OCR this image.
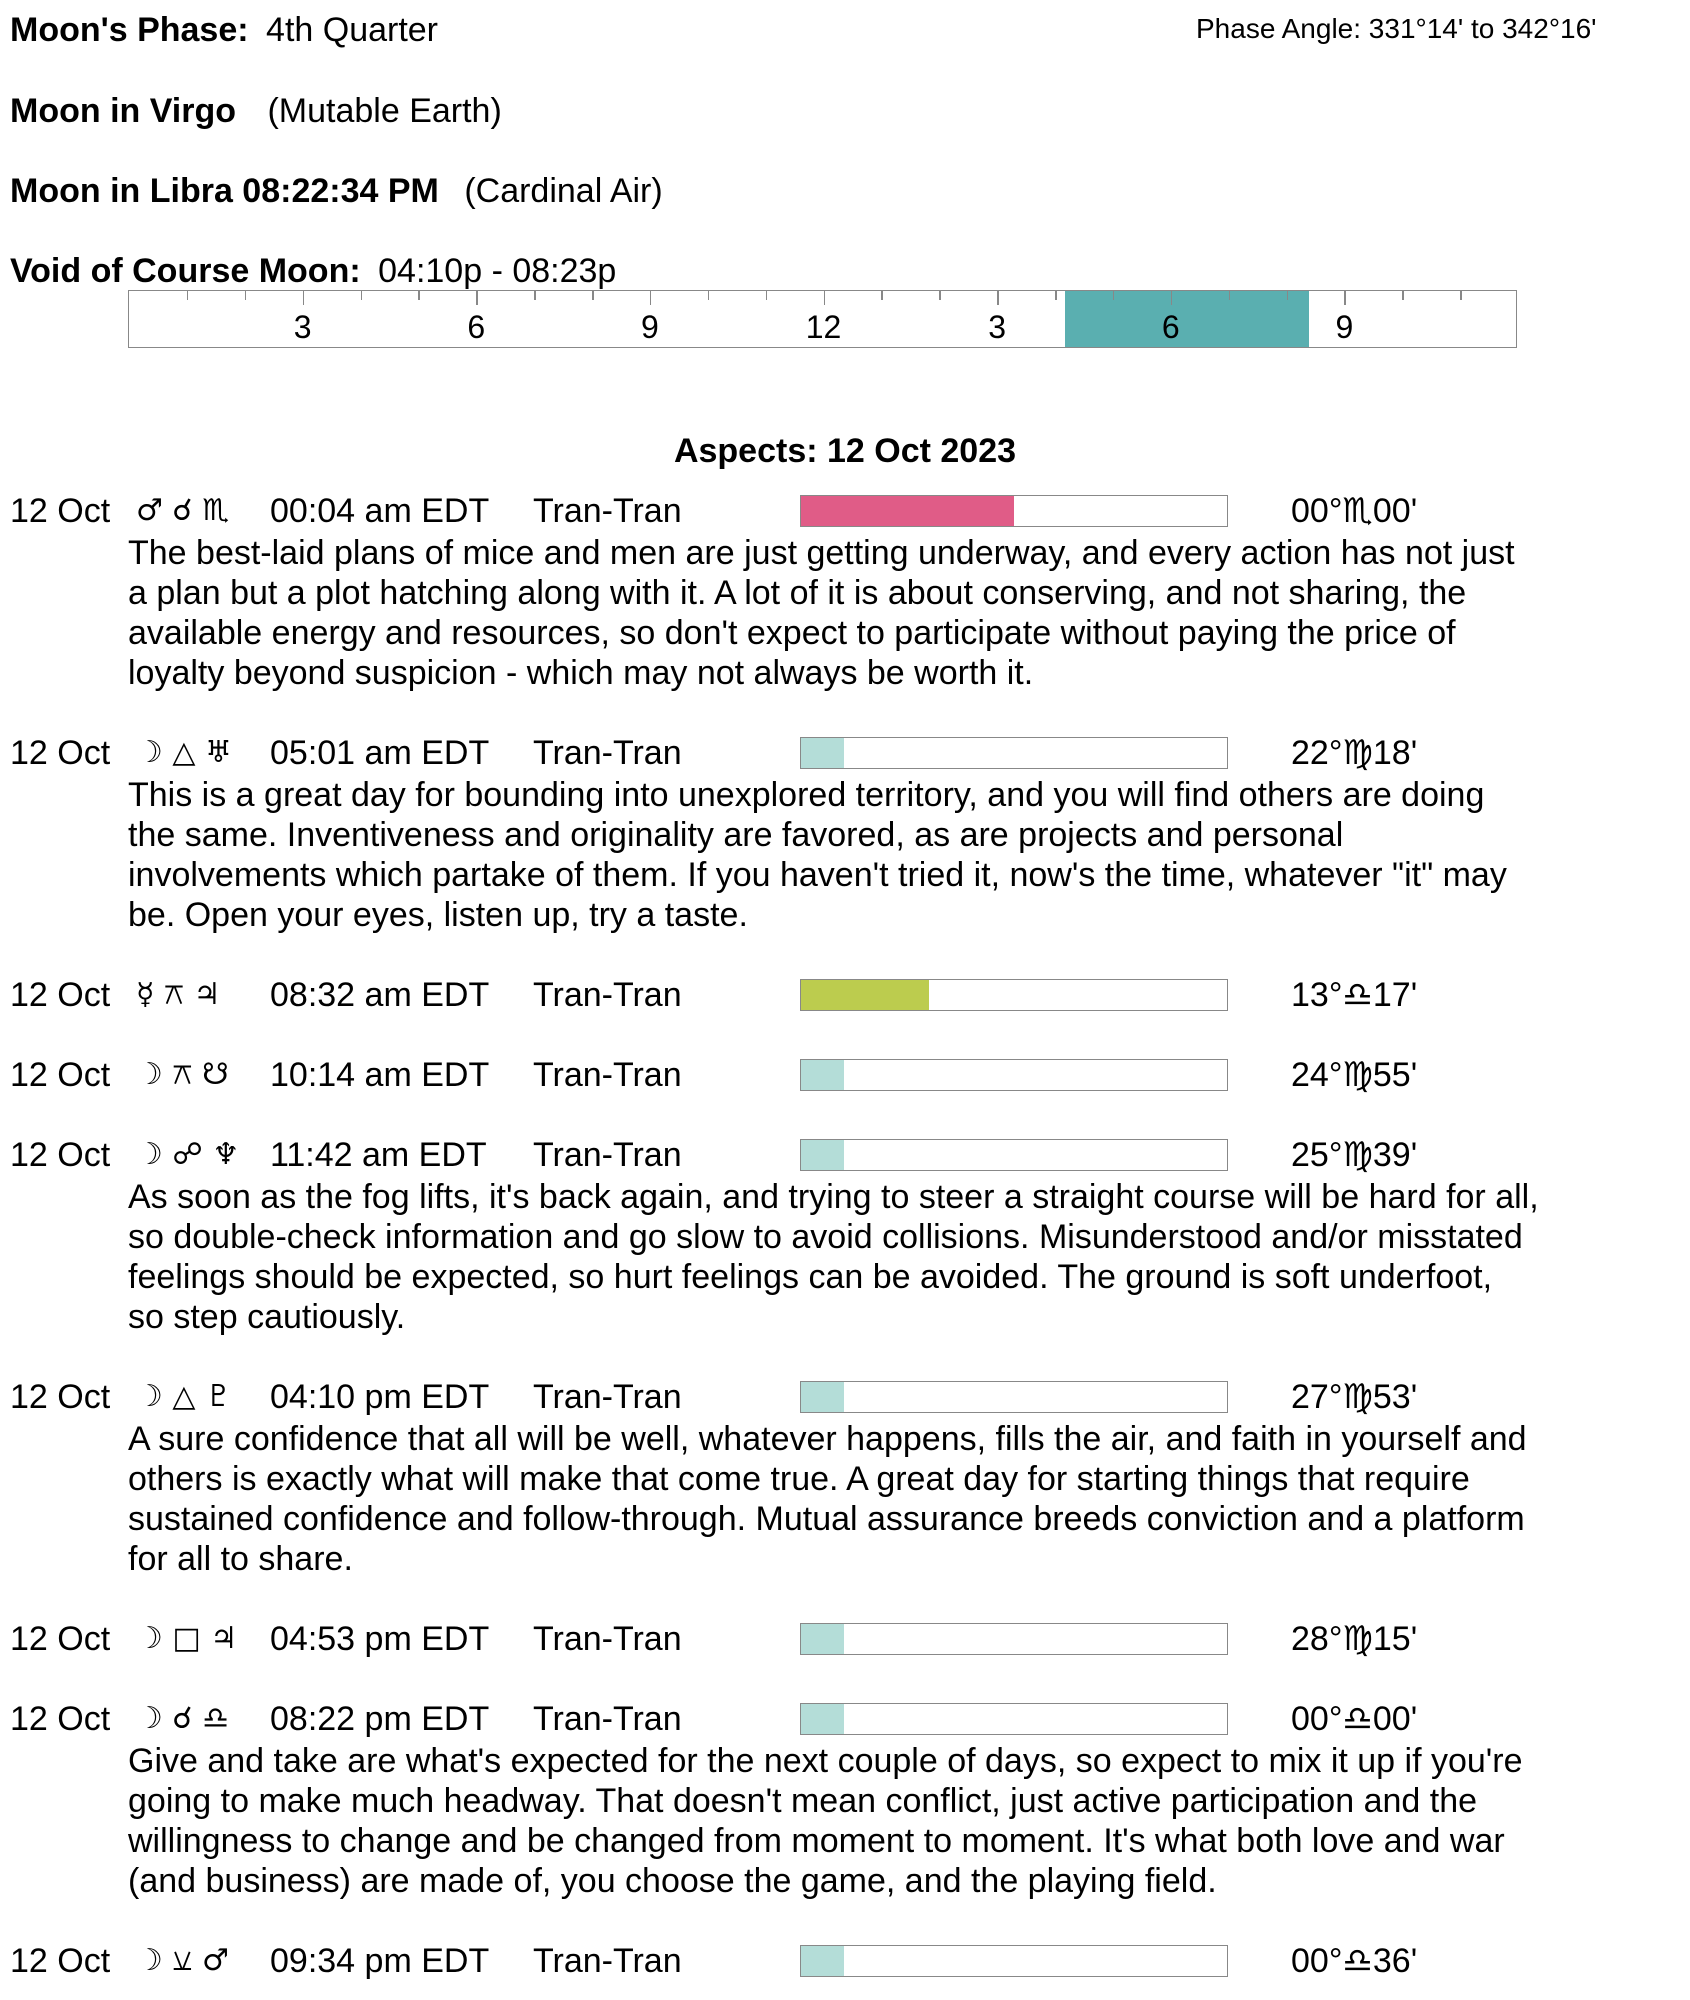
Moon's Phase: 4th Quarter	Phase Angle: 331°14' to 342°16'
Moon in Virgo (Mutable Earth)
Moon in Libra 08:22:34 PM (Cardinal Air)
Void of Course Moon: 04:10p - 08:23p
3	6	9	12	3	6	9
Aspects: 12 Oct 2023
12 Oct ♂ ☌ ♏ 00:04 am EDT Tran-Tran	00°♏00'
The best-laid plans of mice and men are just getting underway, and every action has not just
a plan but a plot hatching along with it. A lot of it is about conserving, and not sharing, the
available energy and resources, so don't expect to participate without paying the price of
loyalty beyond suspicion - which may not always be worth it.
12 Oct ☽ △ ♅ 05:01 am EDT Tran-Tran	22°♍18'
This is a great day for bounding into unexplored territory, and you will find others are doing
the same. Inventiveness and originality are favored, as are projects and personal
involvements which partake of them. If you haven't tried it, now's the time, whatever "it" may
be. Open your eyes, listen up, try a taste.
12 Oct ☿ ⚻ ♃ 08:32 am EDT Tran-Tran	13°♎17'
12 Oct ☽ ⚻ ☋ 10:14 am EDT Tran-Tran	24°♍55'
12 Oct ☽ ☍ ♆ 11:42 am EDT Tran-Tran	25°♍39'
As soon as the fog lifts, it's back again, and trying to steer a straight course will be hard for all,
so double-check information and go slow to avoid collisions. Misunderstood and/or misstated
feelings should be expected, so hurt feelings can be avoided. The ground is soft underfoot,
so step cautiously.
12 Oct ☽ △ ♇ 04:10 pm EDT Tran-Tran	27°♍53'
A sure confidence that all will be well, whatever happens, fills the air, and faith in yourself and
others is exactly what will make that come true. A great day for starting things that require
sustained confidence and follow-through. Mutual assurance breeds conviction and a platform
for all to share.
12 Oct ☽ □ ♃ 04:53 pm EDT Tran-Tran	28°♍15'
12 Oct ☽ ☌ ♎ 08:22 pm EDT Tran-Tran	00°♎00'
Give and take are what's expected for the next couple of days, so expect to mix it up if you're
going to make much headway. That doesn't mean conflict, just active participation and the
willingness to change and be changed from moment to moment. It's what both love and war
(and business) are made of, you choose the game, and the playing field.
12 Oct ☽ ⚺ ♂ 09:34 pm EDT Tran-Tran	00°♎36'
